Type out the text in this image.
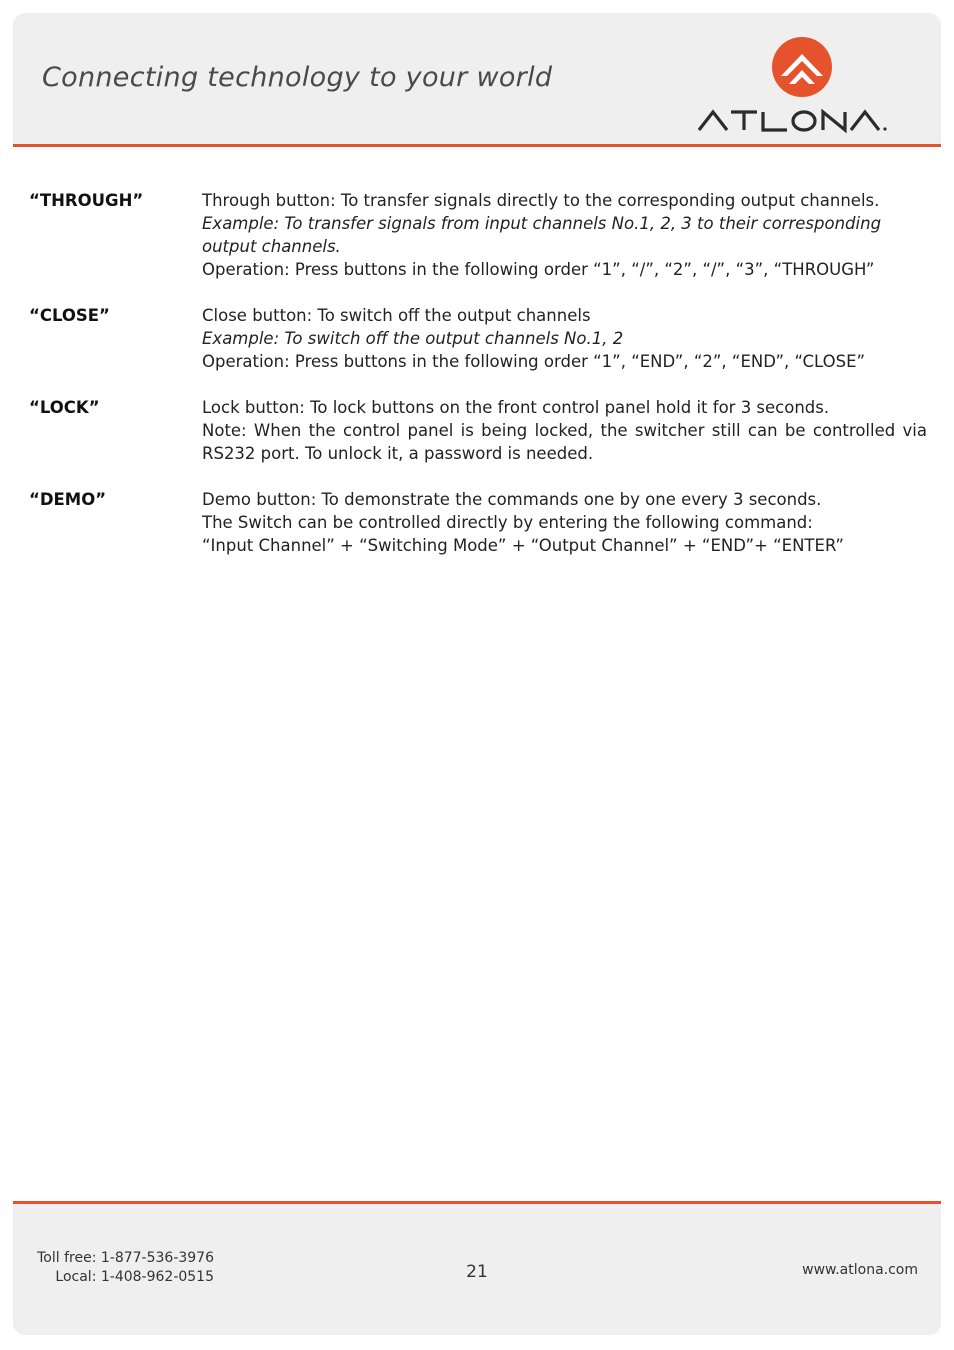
Connecting technology to your world
“THROUGH”	Through button: To transfer signals directly to the corresponding output channels.
Example: To transfer signals from input channels No.1, 2, 3 to their corresponding output channels.
Operation: Press buttons in the following order “1”, “/”, “2”, “/”, “3”, “THROUGH”
“CLOSE”	Close button: To switch off the output channels
Example: To switch off the output channels No.1, 2
Operation: Press buttons in the following order “1”, “END”, “2”, “END”, “CLOSE”
“LOCK”	Lock button: To lock buttons on the front control panel hold it for 3 seconds.
Note: When the control panel is being locked, the switcher still can be controlled via RS232 port. To unlock it, a password is needed.
“DEMO”	Demo button: To demonstrate the commands one by one every 3 seconds.
The Switch can be controlled directly by entering the following command:
“Input Channel” + “Switching Mode” + “Output Channel” + “END”+ “ENTER”
Toll free: 1-877-536-3976
Local: 1-408-962-0515	21	www.atlona.com
